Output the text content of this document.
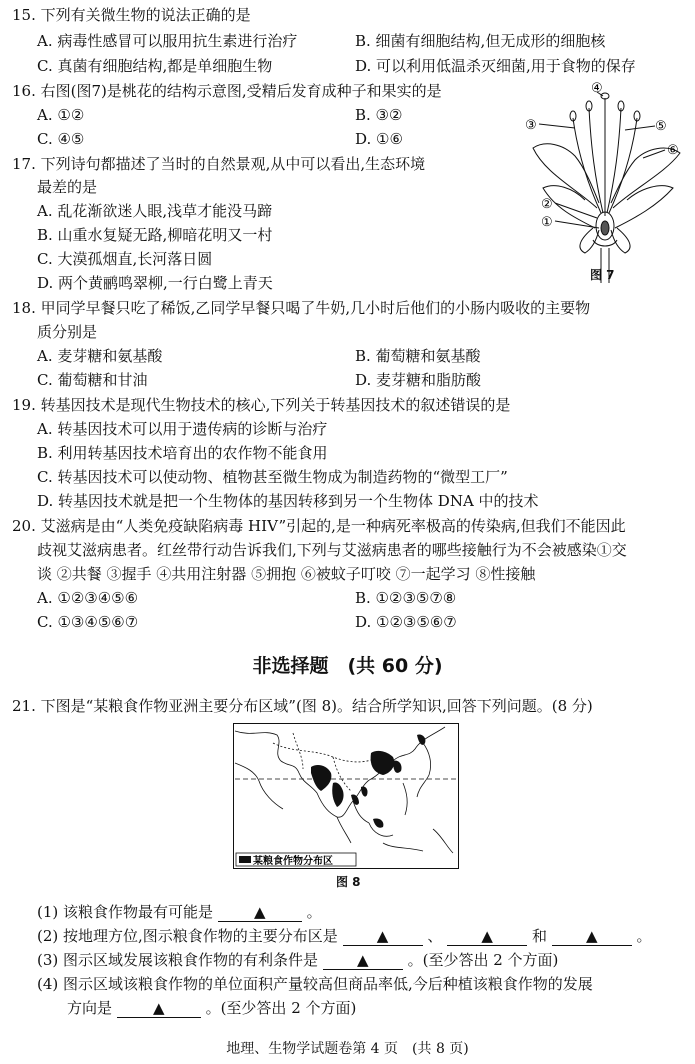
15. 下列有关微生物的说法正确的是
A. 病毒性感冒可以服用抗生素进行治疗	B. 细菌有细胞结构,但无成形的细胞核
C. 真菌有细胞结构,都是单细胞生物	D. 可以利用低温杀灭细菌,用于食物的保存
16. 右图(图7)是桃花的结构示意图,受精后发育成种子和果实的是
A. ①②	B. ③②
C. ④⑤	D. ①⑥
④
③	⑤
⑥
②
①
图 7
17. 下列诗句都描述了当时的自然景观,从中可以看出,生态环境
最差的是
A. 乱花渐欲迷人眼,浅草才能没马蹄
B. 山重水复疑无路,柳暗花明又一村
C. 大漠孤烟直,长河落日圆
D. 两个黄鹂鸣翠柳,一行白鹭上青天
18. 甲同学早餐只吃了稀饭,乙同学早餐只喝了牛奶,几小时后他们的小肠内吸收的主要物
质分别是
A. 麦芽糖和氨基酸	B. 葡萄糖和氨基酸
C. 葡萄糖和甘油	D. 麦芽糖和脂肪酸
19. 转基因技术是现代生物技术的核心,下列关于转基因技术的叙述错误的是
A. 转基因技术可以用于遗传病的诊断与治疗
B. 利用转基因技术培育出的农作物不能食用
C. 转基因技术可以使动物、植物甚至微生物成为制造药物的“微型工厂”
D. 转基因技术就是把一个生物体的基因转移到另一个生物体 DNA 中的技术
20. 艾滋病是由“人类免疫缺陷病毒 HIV”引起的,是一种病死率极高的传染病,但我们不能因此
歧视艾滋病患者。红丝带行动告诉我们,下列与艾滋病患者的哪些接触行为不会被感染①交
谈 ②共餐 ③握手 ④共用注射器 ⑤拥抱 ⑥被蚊子叮咬 ⑦一起学习 ⑧性接触
A. ①②③④⑤⑥	B. ①②③⑤⑦⑧
C. ①③④⑤⑥⑦	D. ①②③⑤⑥⑦
非选择题　(共 60 分)
21. 下图是“某粮食作物亚洲主要分布区域”(图 8)。结合所学知识,回答下列问题。(8 分)
某粮食作物分布区
图 8
(1) 该粮食作物最有可能是	▲	。
(2) 按地理方位,图示粮食作物的主要分布区是	▲	、	▲	和	▲	。
(3) 图示区域发展该粮食作物的有利条件是	▲	。(至少答出 2 个方面)
(4) 图示区域该粮食作物的单位面积产量较高但商品率低,今后种植该粮食作物的发展
方向是	▲	。(至少答出 2 个方面)
地理、生物学试题卷第 4 页　(共 8 页)
